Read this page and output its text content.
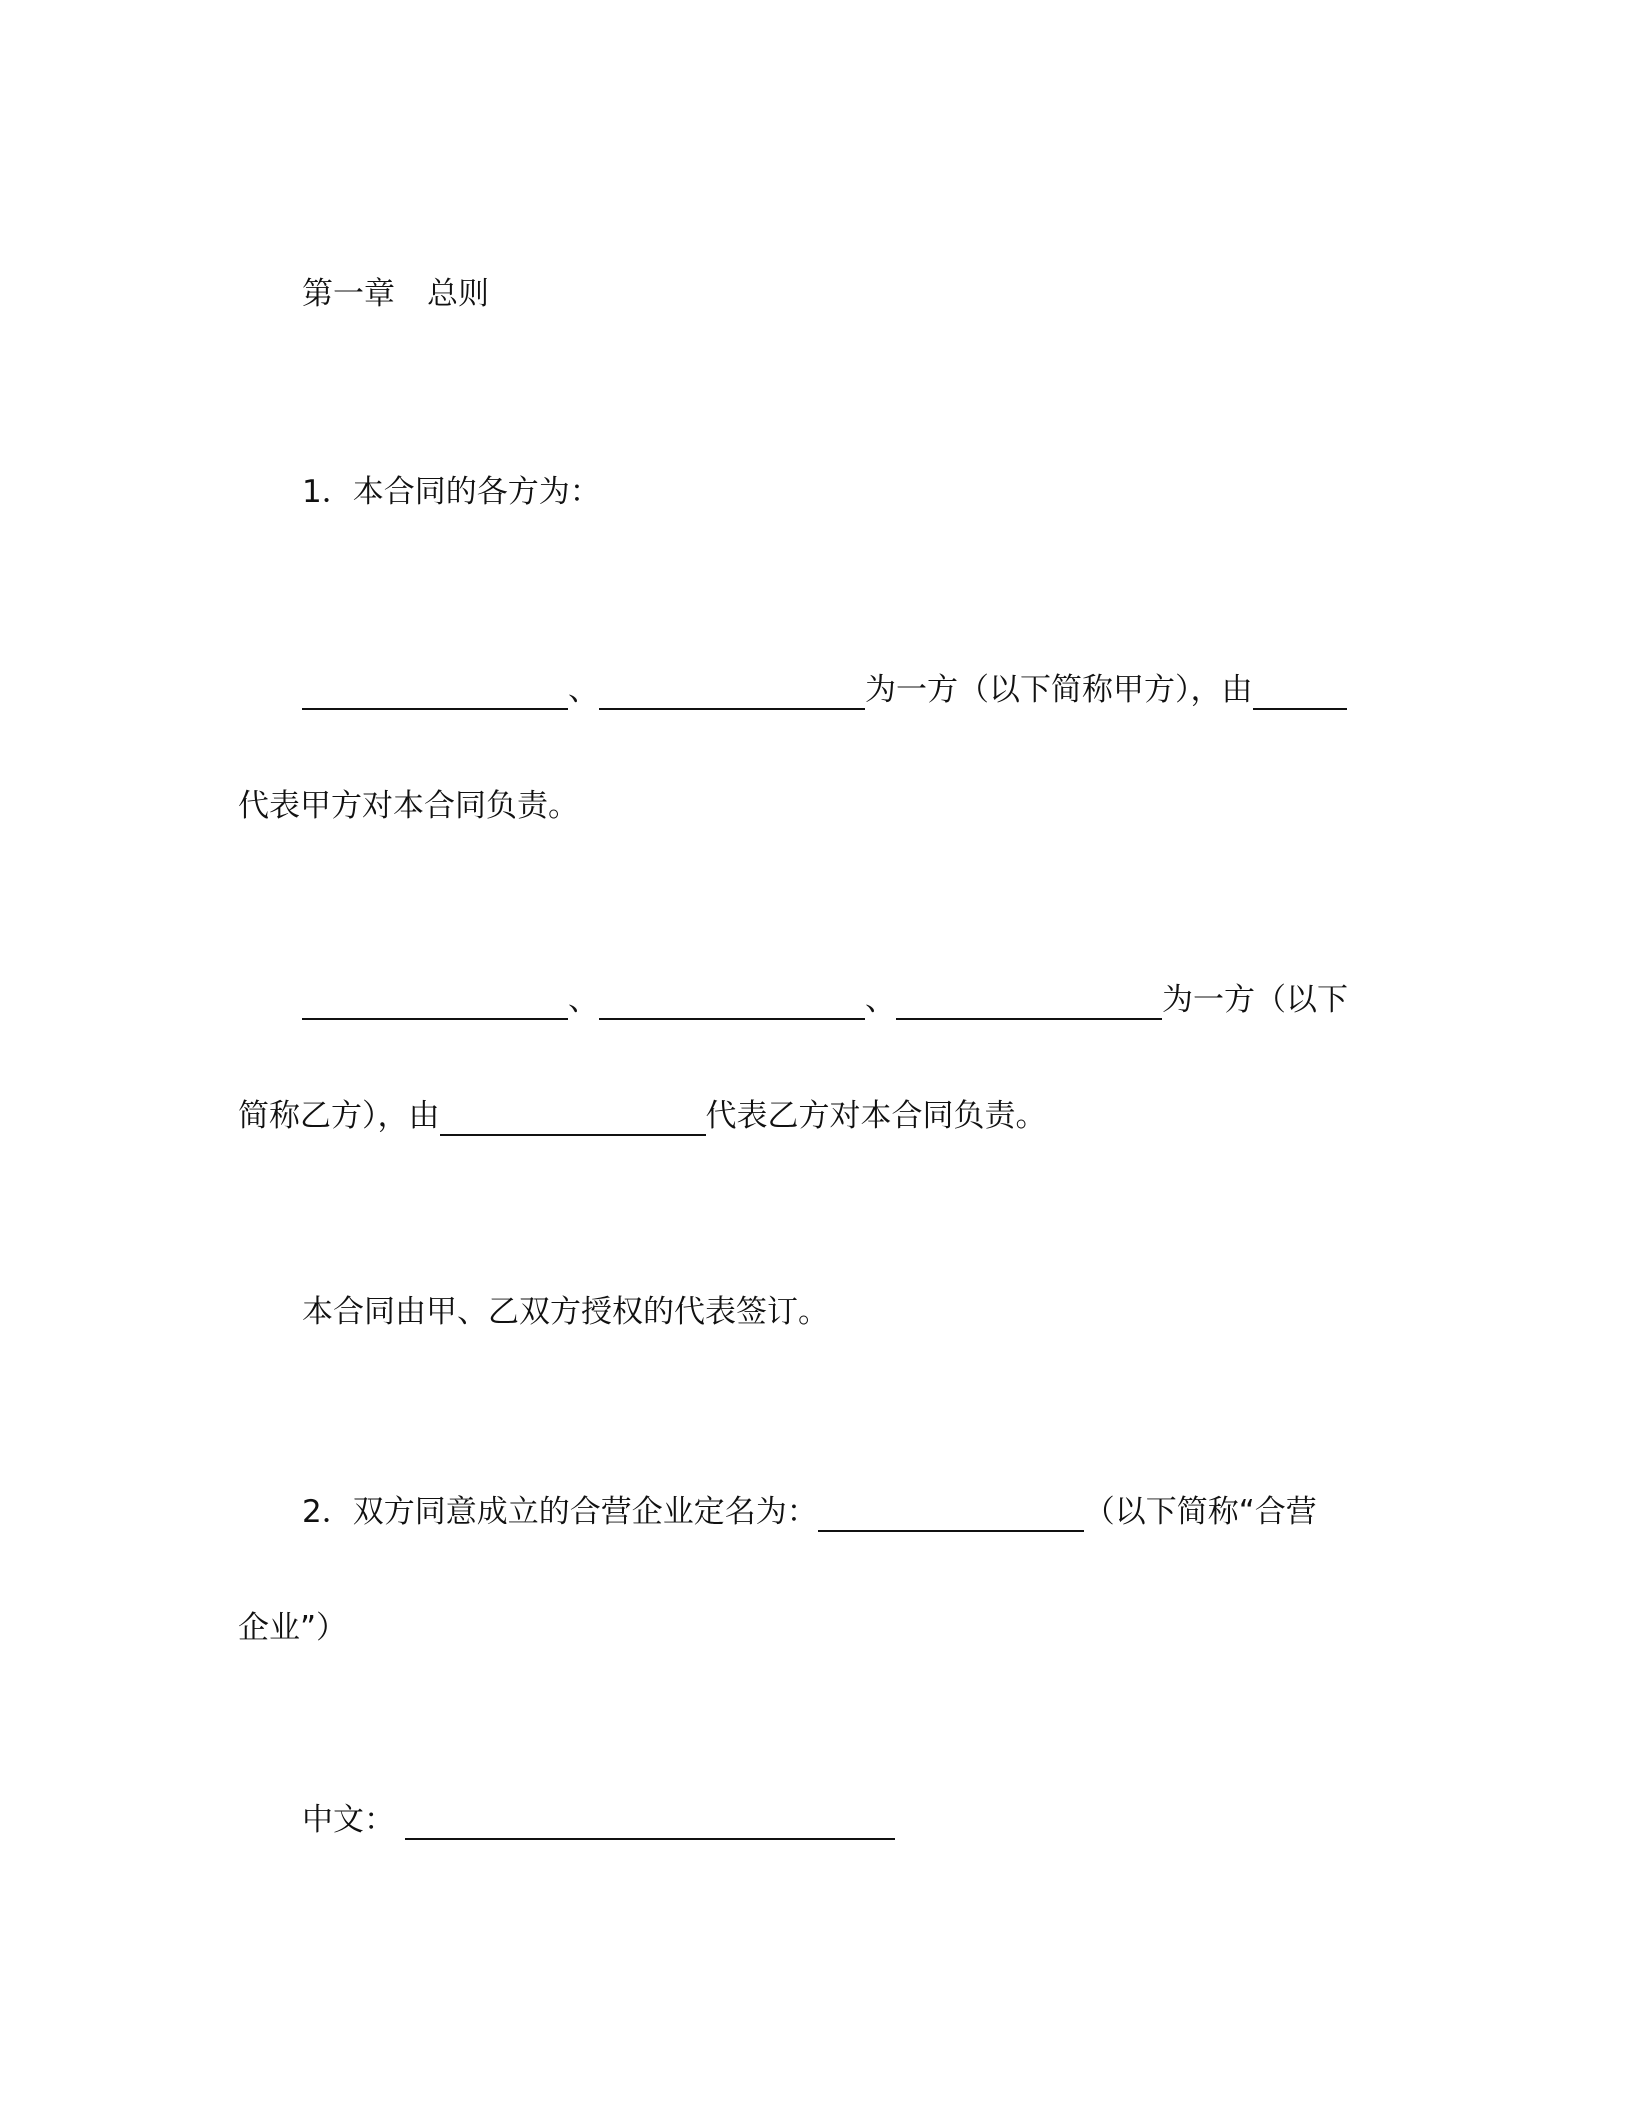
第一章 总则
1．本合同的各方为：
、	为一方（以下简称甲方），由
代表甲方对本合同负责。
、	、	为一方（以下
简称乙方），由	代表乙方对本合同负责。
本合同由甲、乙双方授权的代表签订。
2．双方同意成立的合营企业定名为：	（以下简称“合营
企业”）
中文：
